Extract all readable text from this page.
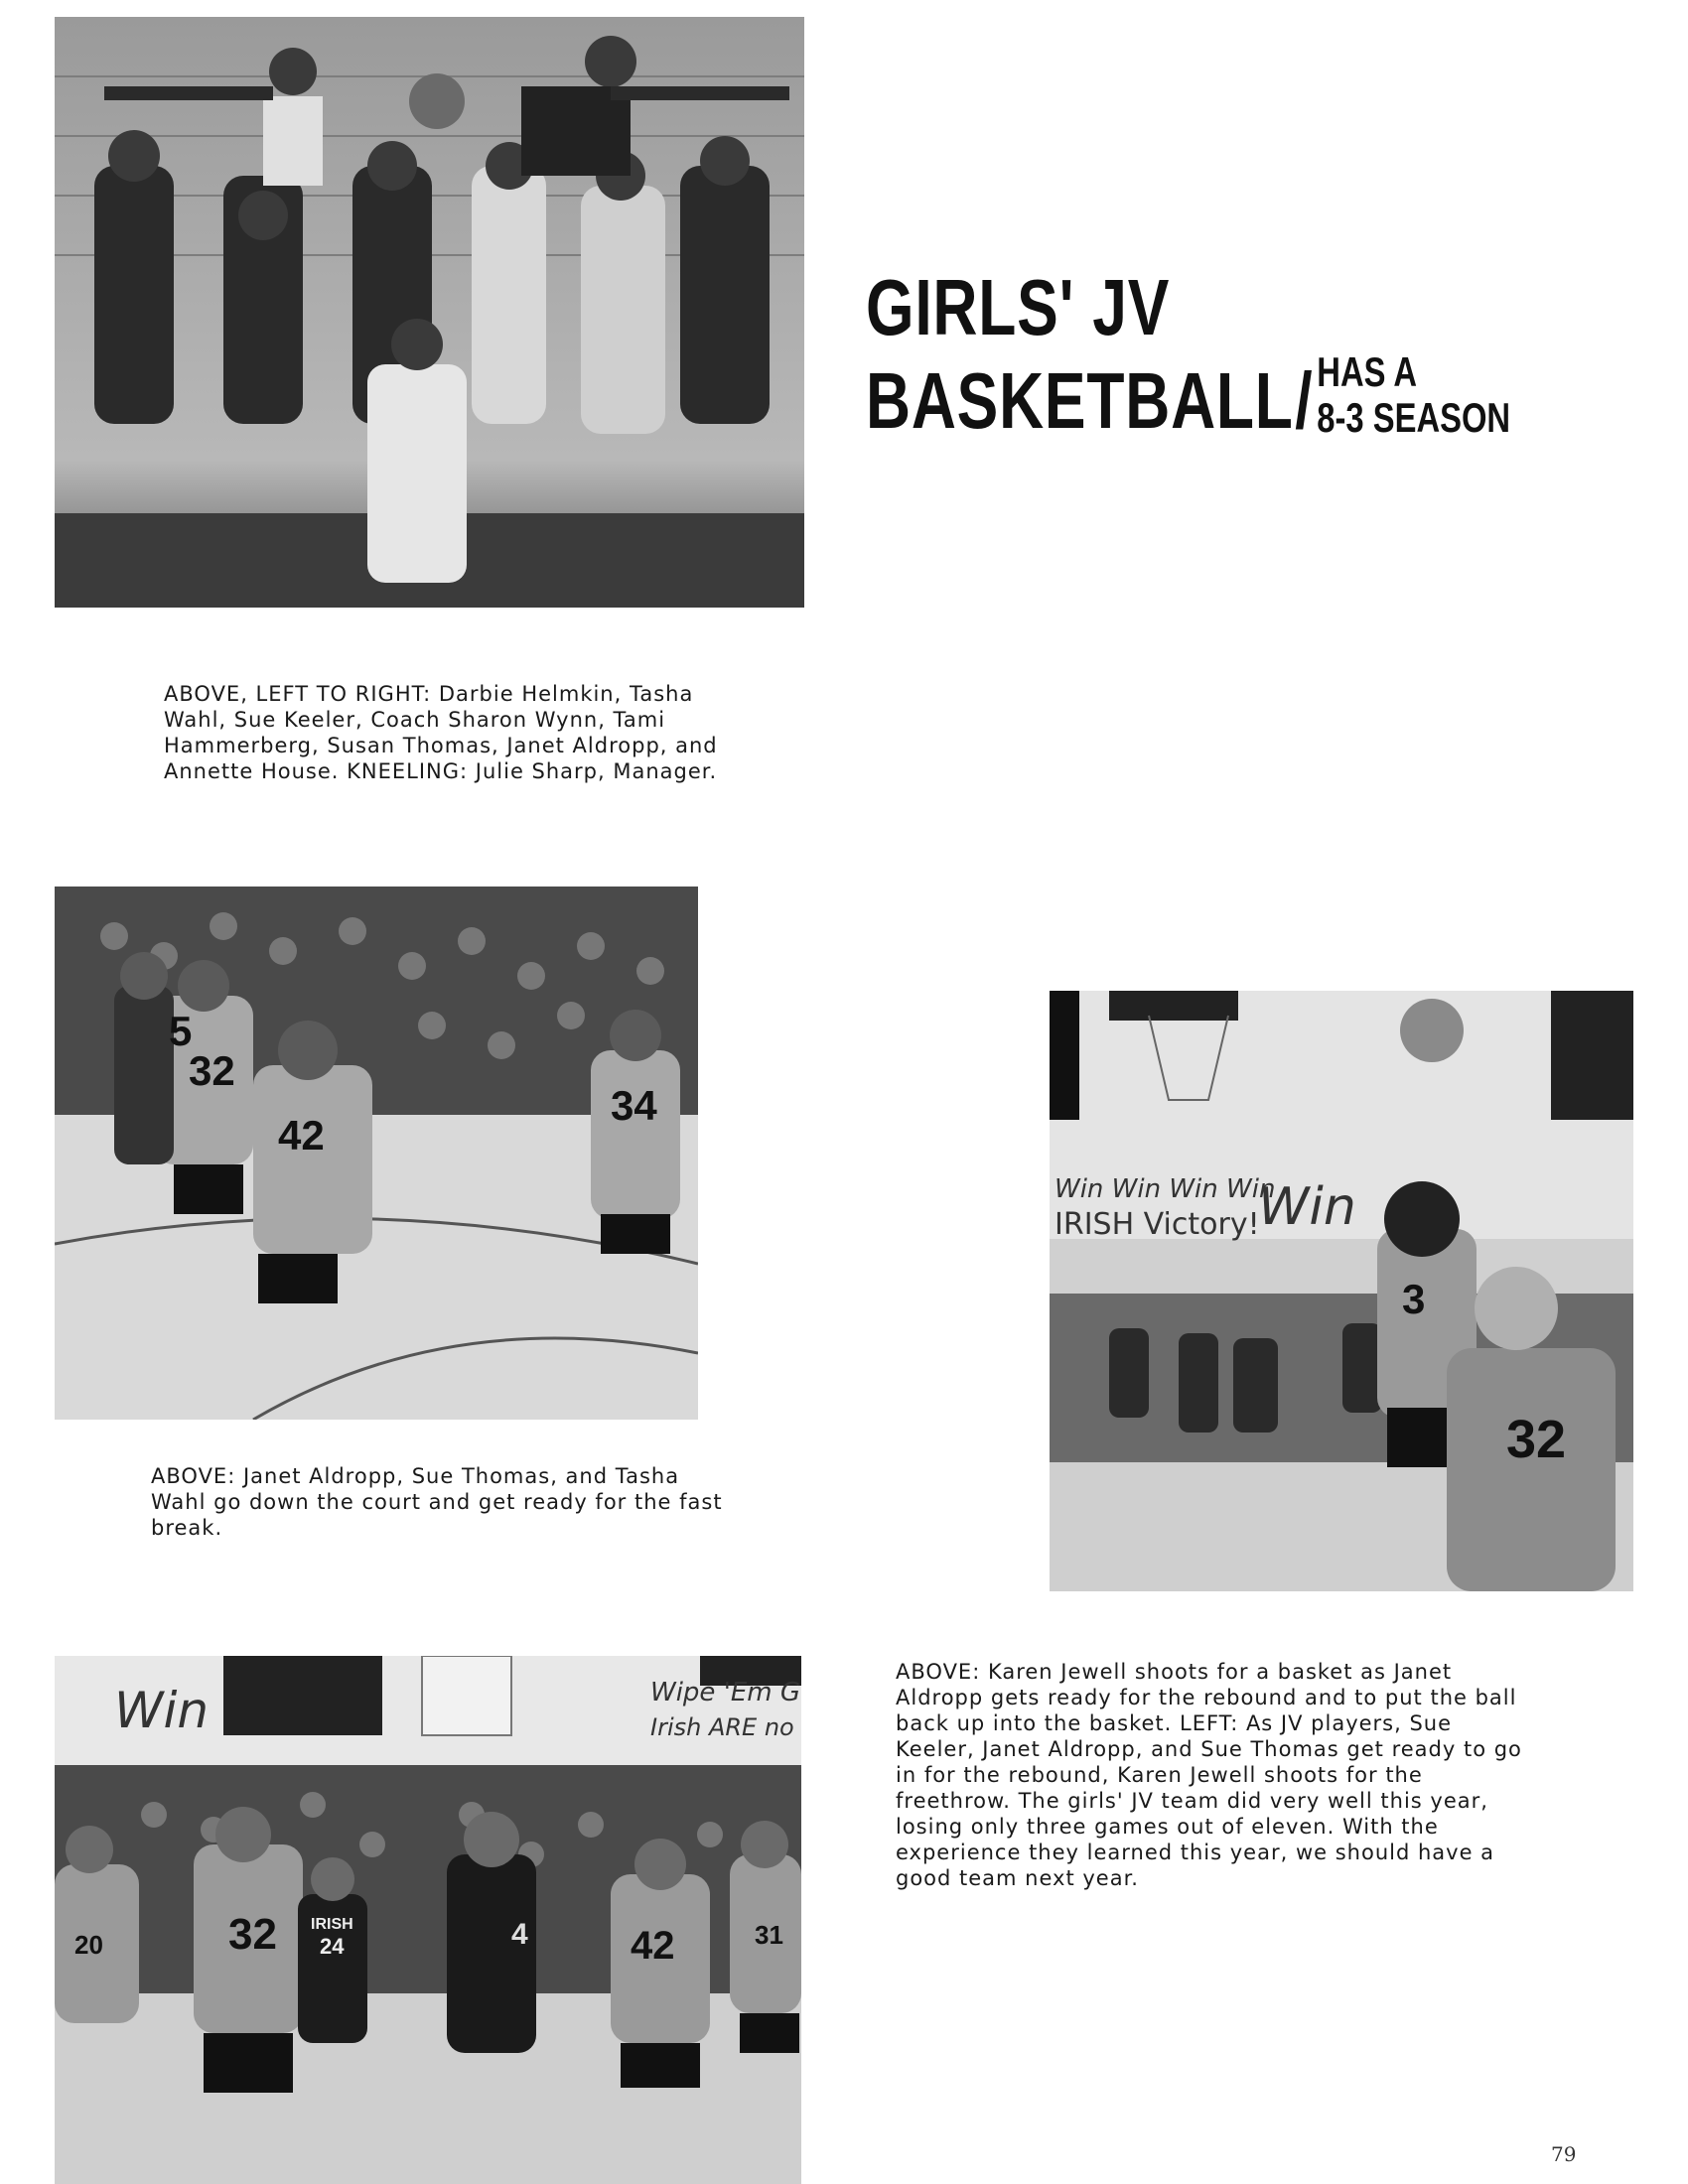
GIRLS' JV
BASKETBALL / HAS A
8-3 SEASON

ABOVE, LEFT TO RIGHT: Darbie Helmkin, Tasha Wahl, Sue Keeler, Coach Sharon Wynn, Tami Hammerberg, Susan Thomas, Janet Aldropp, and Annette House. KNEELING: Julie Sharp, Manager.

5
32
42
34

ABOVE: Janet Aldropp, Sue Thomas, and Tasha Wahl go down the court and get ready for the fast break.

Win Win Win Win
IRISH Victory!
Win
3
32

ABOVE: Karen Jewell shoots for a basket as Janet Aldropp gets ready for the rebound and to put the ball back up into the basket. LEFT: As JV players, Sue Keeler, Janet Aldropp, and Sue Thomas get ready to go in for the rebound, Karen Jewell shoots for the freethrow. The girls' JV team did very well this year, losing only three games out of eleven. With the experience they learned this year, we should have a good team next year.

Win	Wipe 'Em G
Irish ARE no
20	32 24	4	42	31
IRISH
79
